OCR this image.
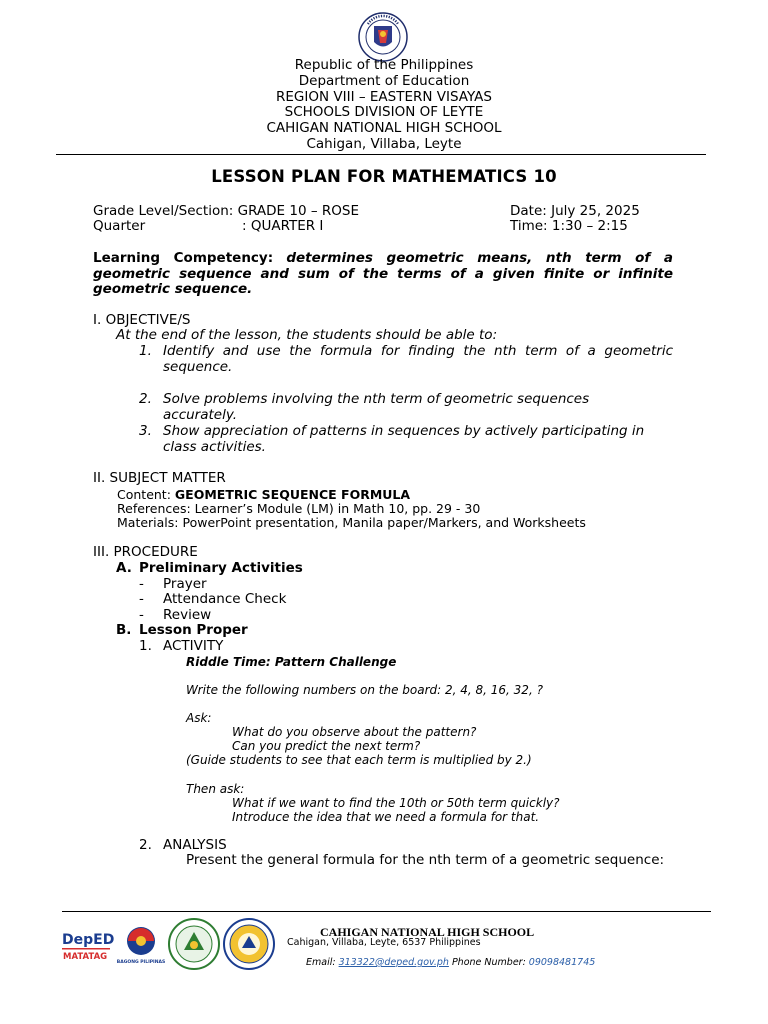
Republic of the Philippines
Department of Education
REGION VIII – EASTERN VISAYAS
SCHOOLS DIVISION OF LEYTE
CAHIGAN NATIONAL HIGH SCHOOL
Cahigan, Villaba, Leyte
LESSON PLAN FOR MATHEMATICS 10
Grade Level/Section: GRADE 10 – ROSE
Quarter	: QUARTER I
Date: July 25, 2025
Time: 1:30 – 2:15
Learning Competency: determines geometric means, nth term of a geometric sequence and sum of the terms of a given finite or infinite geometric sequence.
I. OBJECTIVE/S
At the end of the lesson, the students should be able to:
1. Identify and use the formula for finding the nth term of a geometric sequence.
2. Solve problems involving the nth term of geometric sequences accurately.
3. Show appreciation of patterns in sequences by actively participating in class activities.
II. SUBJECT MATTER
Content: GEOMETRIC SEQUENCE FORMULA
References: Learner’s Module (LM) in Math 10, pp. 29 - 30
Materials: PowerPoint presentation, Manila paper/Markers, and Worksheets
III. PROCEDURE
A. Preliminary Activities
- Prayer
- Attendance Check
- Review
B. Lesson Proper
1. ACTIVITY
Riddle Time: Pattern Challenge
Write the following numbers on the board: 2, 4, 8, 16, 32, ?
Ask:
What do you observe about the pattern?
Can you predict the next term?
(Guide students to see that each term is multiplied by 2.)
Then ask:
What if we want to find the 10th or 50th term quickly?
Introduce the idea that we need a formula for that.
2. ANALYSIS
Present the general formula for the nth term of a geometric sequence:
DepED
MATATAG
BAGONG PILIPINAS
CAHIGAN NATIONAL HIGH SCHOOL
Cahigan, Villaba, Leyte, 6537 Philippines
Email: 313322@deped.gov.ph Phone Number: 09098481745
